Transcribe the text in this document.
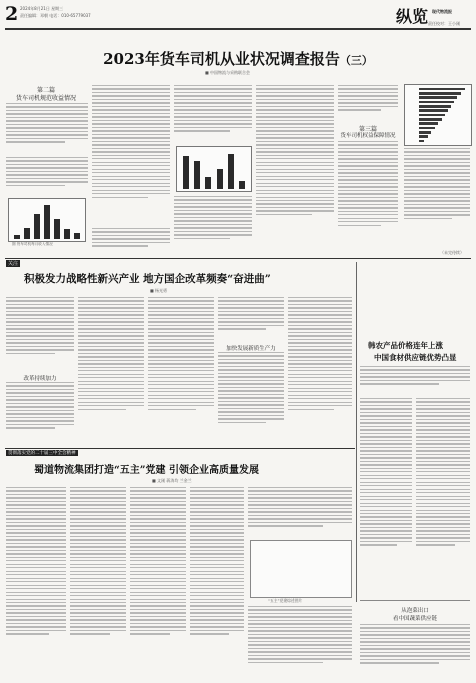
2 2024年8月21日 星期三
责任编辑：邓朝 电话：010-65779037	纵览 现代物流报
责任校对：王小刚
2023年货车司机从业状况调查报告（三）
■ 中国物流与采购联合会
第二篇
货车司机规范收益情况
图 货车司机每月收入情况
第三篇
货车司机权益保障情况
（未完待续）
关注
积极发力战略性新兴产业 地方国企改革频奏“奋进曲”
■ 杨光勇
改革持续加力
加快发展新质生产力
贯彻落实党的二十届三中全会精神
蜀道物流集团打造“五主”党建 引领企业高质量发展
■ 文刚 蒋涛均 兰金兰
“五主”党建综述图片
韩农产品价格连年上涨
中国食材供应链优势凸显
从泡菜出口
看中国蔬菜供应链
